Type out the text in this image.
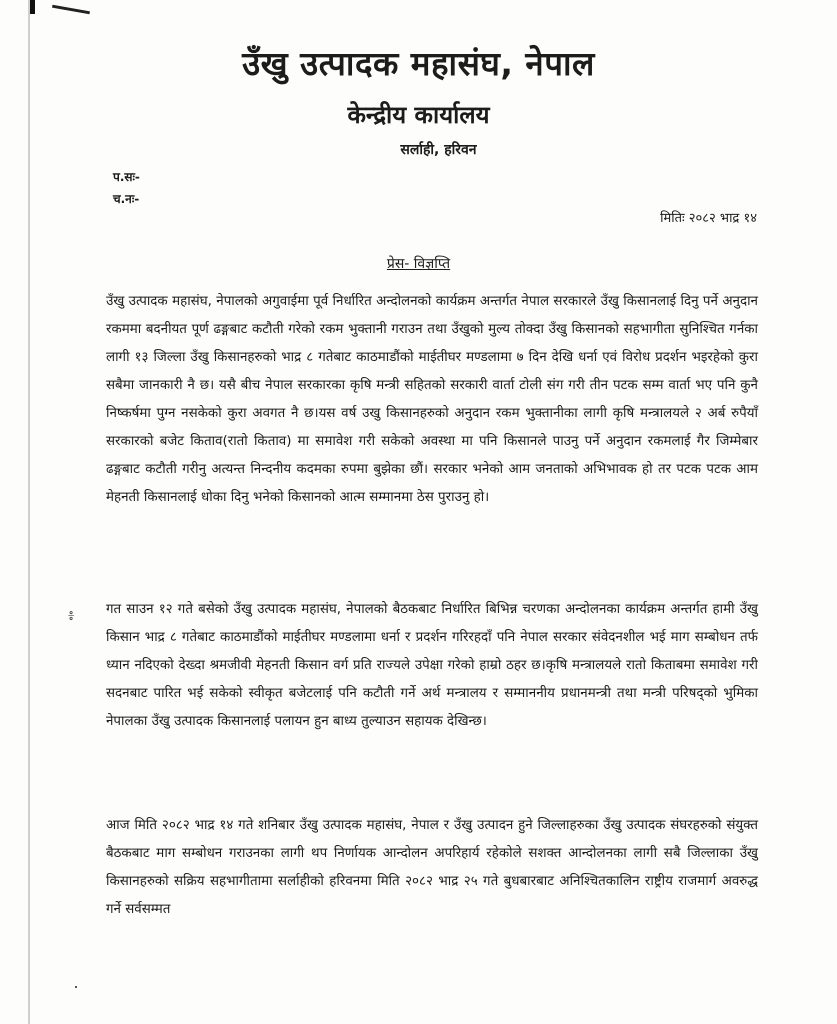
उँखु उत्पादक महासंघ, नेपाल
केन्द्रीय कार्यालय
सर्लाही, हरिवन
प.सः-
च.नः-
मितिः २०८२ भाद्र १४
प्रेस- विज्ञप्ति

उँखु उत्पादक महासंघ, नेपालको अगुवाईमा पूर्व निर्धारित अन्दोलनको कार्यक्रम अन्तर्गत नेपाल सरकारले उँखु किसानलाई दिनु पर्ने अनुदान रकममा बदनीयत पूर्ण ढङ्गबाट कटौती गरेको रकम भुक्तानी गराउन तथा उँखुको मुल्य तोक्दा उँखु किसानको सहभागीता सुनिश्चित गर्नका लागी १३ जिल्ला उँखु किसानहरुको भाद्र ८ गतेबाट काठमाडौंको माईतीघर मण्डलामा ७ दिन देखि धर्ना एवं विरोध प्रदर्शन भइरहेको कुरा सबैमा जानकारी नै छ। यसै बीच नेपाल सरकारका कृषि मन्त्री सहितको सरकारी वार्ता टोली संग गरी तीन पटक सम्म वार्ता भए पनि कुनै निष्कर्षमा पुग्न नसकेको कुरा अवगत नै छ।यस वर्ष उखु किसानहरुको अनुदान रकम भुक्तानीका लागी कृषि मन्त्रालयले २ अर्ब रुपैयाँ सरकारको बजेट किताव(रातो किताव) मा समावेश गरी सकेको अवस्था मा पनि किसानले पाउनु पर्ने अनुदान रकमलाई गैर जिम्मेबार ढङ्गबाट कटौती गरीनु अत्यन्त निन्दनीय कदमका रुपमा बुझेका छौं। सरकार भनेको आम जनताको अभिभावक हो तर पटक पटक आम मेहनती किसानलाई धोका दिनु भनेको किसानको आत्म सम्मानमा ठेस पुराउनु हो।

៖ गत साउन १२ गते बसेको उँखु उत्पादक महासंघ, नेपालको बैठकबाट निर्धारित बिभिन्न चरणका अन्दोलनका कार्यक्रम अन्तर्गत हामी उँखु किसान भाद्र ८ गतेबाट काठमाडौंको माईतीघर मण्डलामा धर्ना र प्रदर्शन गरिरहदाँ पनि नेपाल सरकार संवेदनशील भई माग सम्बोधन तर्फ ध्यान नदिएको देख्दा श्रमजीवी मेहनती किसान वर्ग प्रति राज्यले उपेक्षा गरेको हाम्रो ठहर छ।कृषि मन्त्रालयले रातो किताबमा समावेश गरी सदनबाट पारित भई सकेको स्वीकृत बजेटलाई पनि कटौती गर्ने अर्थ मन्त्रालय र सम्माननीय प्रधानमन्त्री तथा मन्त्री परिषद्को भुमिका नेपालका उँखु उत्पादक किसानलाई पलायन हुन बाध्य तुल्याउन सहायक देखिन्छ।

आज मिति २०८२ भाद्र १४ गते शनिबार उँखु उत्पादक महासंघ, नेपाल र उँखु उत्पादन हुने जिल्लाहरुका उँखु उत्पादक संघरहरुको संयुक्त बैठकबाट माग सम्बोधन गराउनका लागी थप निर्णायक आन्दोलन अपरिहार्य रहेकोले सशक्त आन्दोलनका लागी सबै जिल्लाका उँखु किसानहरुको सक्रिय सहभागीतामा सर्लाहीको हरिवनमा मिति २०८२ भाद्र २५ गते बुधबारबाट अनिश्चितकालिन राष्ट्रीय राजमार्ग अवरुद्ध गर्ने सर्वसम्मत
